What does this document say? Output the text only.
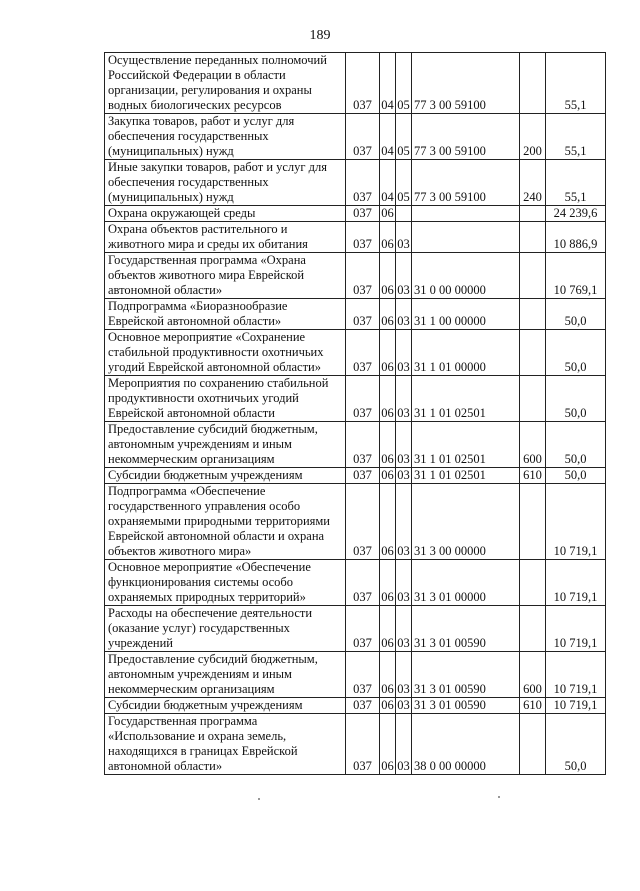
189
Осуществление переданных полномочий Российской Федерации в области организации, регулирования и охраны водных биологических ресурсов	037	04	05	77 3 00 59100		55,1
Закупка товаров, работ и услуг для обеспечения государственных (муниципальных) нужд	037	04	05	77 3 00 59100	200	55,1
Иные закупки товаров, работ и услуг для обеспечения государственных (муниципальных) нужд	037	04	05	77 3 00 59100	240	55,1
Охрана окружающей среды	037	06				24 239,6
Охрана объектов растительного и животного мира и среды их обитания	037	06	03			10 886,9
Государственная программа «Охрана объектов животного мира Еврейской автономной области»	037	06	03	31 0 00 00000		10 769,1
Подпрограмма «Биоразнообразие Еврейской автономной области»	037	06	03	31 1 00 00000		50,0
Основное мероприятие «Сохранение стабильной продуктивности охотничьих угодий Еврейской автономной области»	037	06	03	31 1 01 00000		50,0
Мероприятия по сохранению стабильной продуктивности охотничьих угодий Еврейской автономной области	037	06	03	31 1 01 02501		50,0
Предоставление субсидий бюджетным, автономным учреждениям и иным некоммерческим организациям	037	06	03	31 1 01 02501	600	50,0
Субсидии бюджетным учреждениям	037	06	03	31 1 01 02501	610	50,0
Подпрограмма «Обеспечение государственного управления особо охраняемыми природными территориями Еврейской автономной области и охрана объектов животного мира»	037	06	03	31 3 00 00000		10 719,1
Основное мероприятие «Обеспечение функционирования системы особо охраняемых природных территорий»	037	06	03	31 3 01 00000		10 719,1
Расходы на обеспечение деятельности (оказание услуг) государственных учреждений	037	06	03	31 3 01 00590		10 719,1
Предоставление субсидий бюджетным, автономным учреждениям и иным некоммерческим организациям	037	06	03	31 3 01 00590	600	10 719,1
Субсидии бюджетным учреждениям	037	06	03	31 3 01 00590	610	10 719,1
Государственная программа «Использование и охрана земель, находящихся в границах Еврейской автономной области»	037	06	03	38 0 00 00000		50,0
